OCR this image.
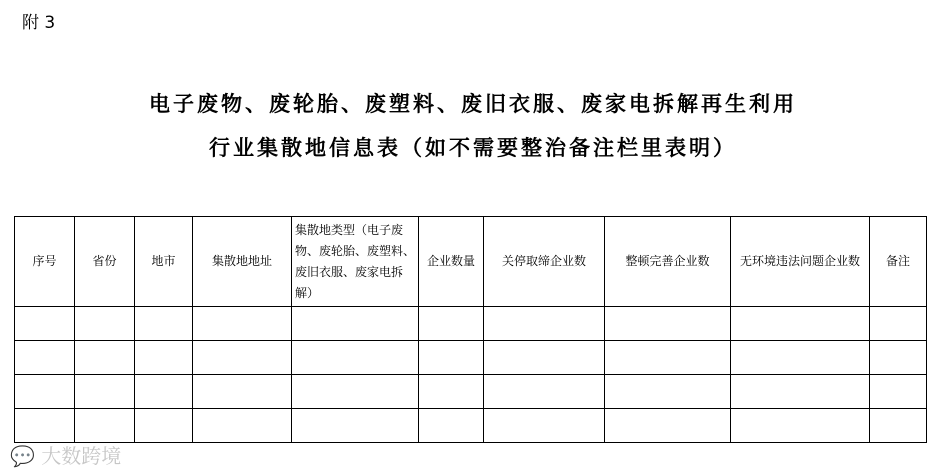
附 3
电子废物、废轮胎、废塑料、废旧衣服、废家电拆解再生利用
行业集散地信息表（如不需要整治备注栏里表明）
序号	省份	地市	集散地地址	集散地类型（电子废物、废轮胎、废塑料、废旧衣服、废家电拆解）	企业数量	关停取缔企业数	整顿完善企业数	无环境违法问题企业数	备注

💬 大数跨境
